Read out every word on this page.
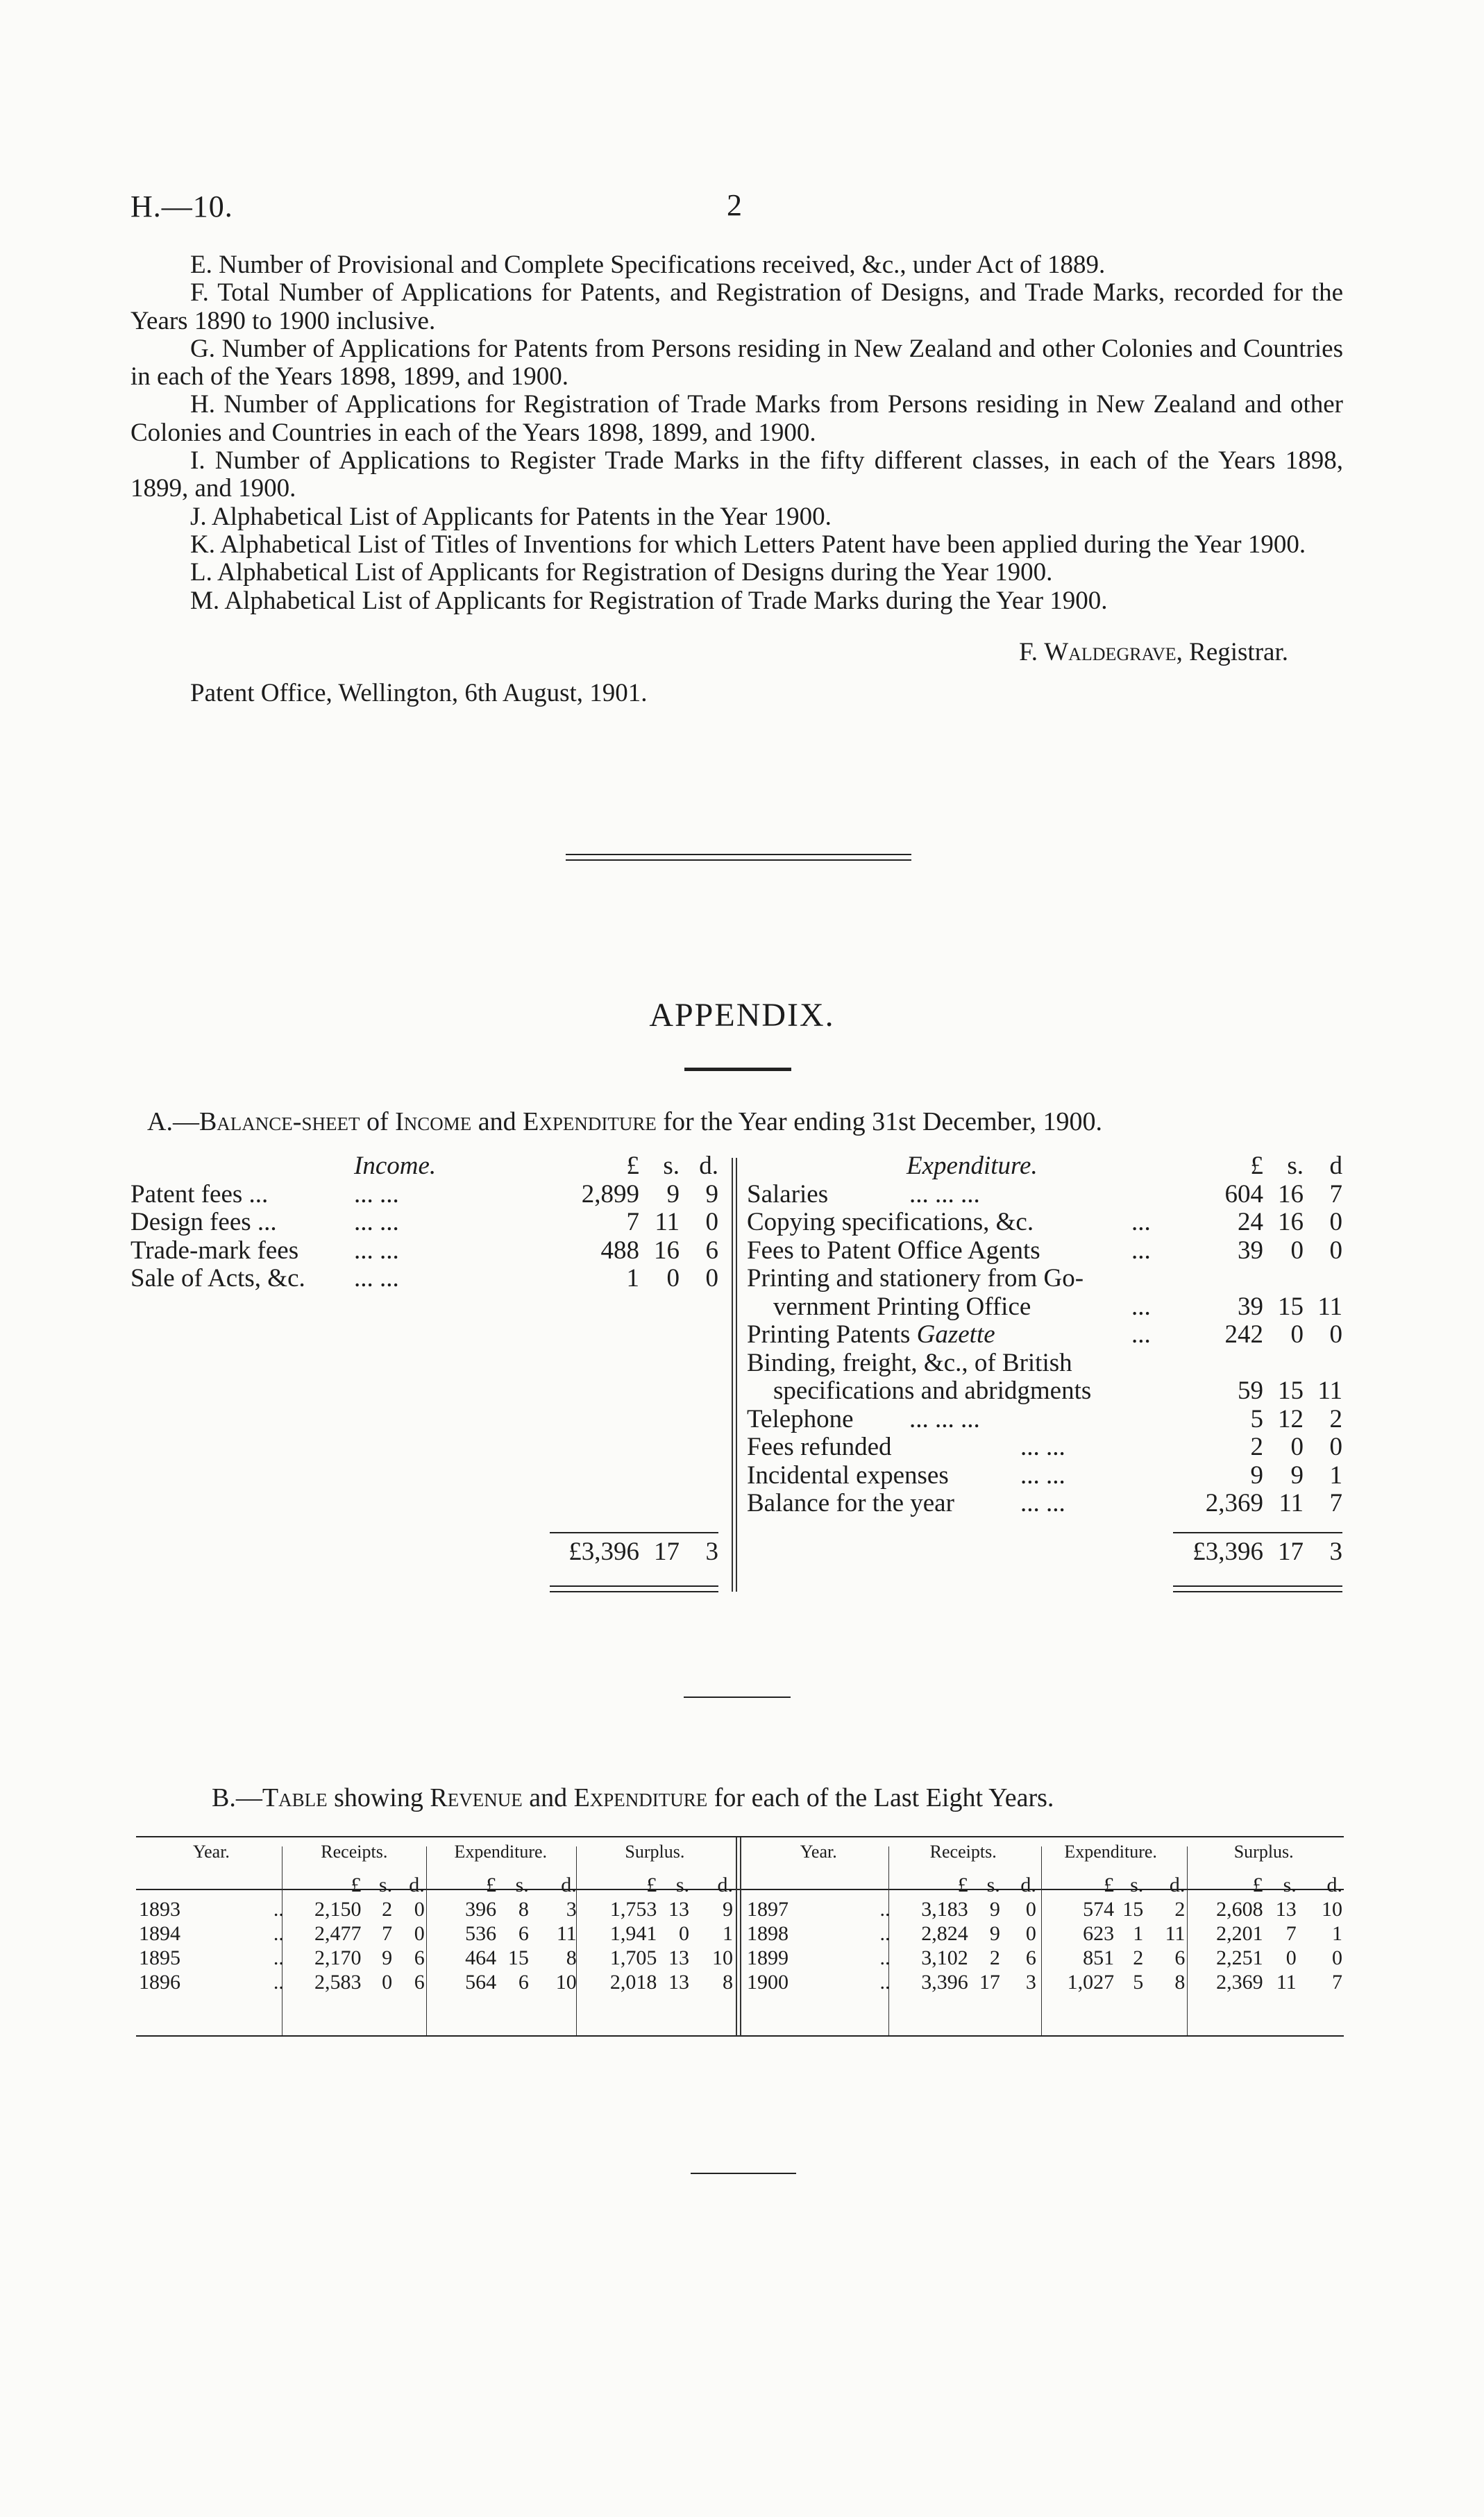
H.—10.	2

E. Number of Provisional and Complete Specifications received, &c., under Act of 1889.

F. Total Number of Applications for Patents, and Registration of Designs, and Trade Marks, recorded for the Years 1890 to 1900 inclusive.

G. Number of Applications for Patents from Persons residing in New Zealand and other Colonies and Countries in each of the Years 1898, 1899, and 1900.

H. Number of Applications for Registration of Trade Marks from Persons residing in New Zealand and other Colonies and Countries in each of the Years 1898, 1899, and 1900.

I. Number of Applications to Register Trade Marks in the fifty different classes, in each of the Years 1898, 1899, and 1900.

J. Alphabetical List of Applicants for Patents in the Year 1900.

K. Alphabetical List of Titles of Inventions for which Letters Patent have been applied during the Year 1900.

L. Alphabetical List of Applicants for Registration of Designs during the Year 1900.

M. Alphabetical List of Applicants for Registration of Trade Marks during the Year 1900.

F. Waldegrave, Registrar.
Patent Office, Wellington, 6th August, 1901.
APPENDIX.
A.—Balance-sheet of Income and Expenditure for the Year ending 31st December, 1900.
Income.	£ s. d.
Patent fees ...	... ...	2,899 9 9
Design fees ...	... ...	7 11 0
Trade-mark fees ... ...	488 16 6
Sale of Acts, &c. ... ...	1 0 0
£3,396 17 3
Expenditure.	£ s. d
Salaries	... ... ...	604 16 7
Copying specifications, &c.	...	24 16 0
Fees to Patent Office Agents	...	39 0 0
Printing and stationery from Go-
vernment Printing Office	...	39 15 11
Printing Patents Gazette	...	242 0 0
Binding, freight, &c., of British
specifications and abridgments	59 15 11
Telephone ... ... ...	5 12 2
Fees refunded	... ...	2 0 0
Incidental expenses	... ...	9 9 1
Balance for the year	... ...	2,369 11 7
£3,396 17 3
B.—Table showing Revenue and Expenditure for each of the Last Eight Years.
Year.		Receipts.			Expenditure.			Surplus.		
		£	s.	d.	£	s.	d.	£	s.	d.
1893	..	2,150	2	0	396	8	3	1,753	13	9
1894	..	2,477	7	0	536	6	11	1,941	0	1
1895	..	2,170	9	6	464	15	8	1,705	13	10
1896	..	2,583	0	6	564	6	10	2,018	13	8
Year.		Receipts.			Expenditure.			Surplus.		
		£	s.	d.	£	s.	d.	£	s.	d.
1897	..	3,183	9	0	574	15	2	2,608	13	10
1898	..	2,824	9	0	623	1	11	2,201	7	1
1899	..	3,102	2	6	851	2	6	2,251	0	0
1900	..	3,396	17	3	1,027	5	8	2,369	11	7
